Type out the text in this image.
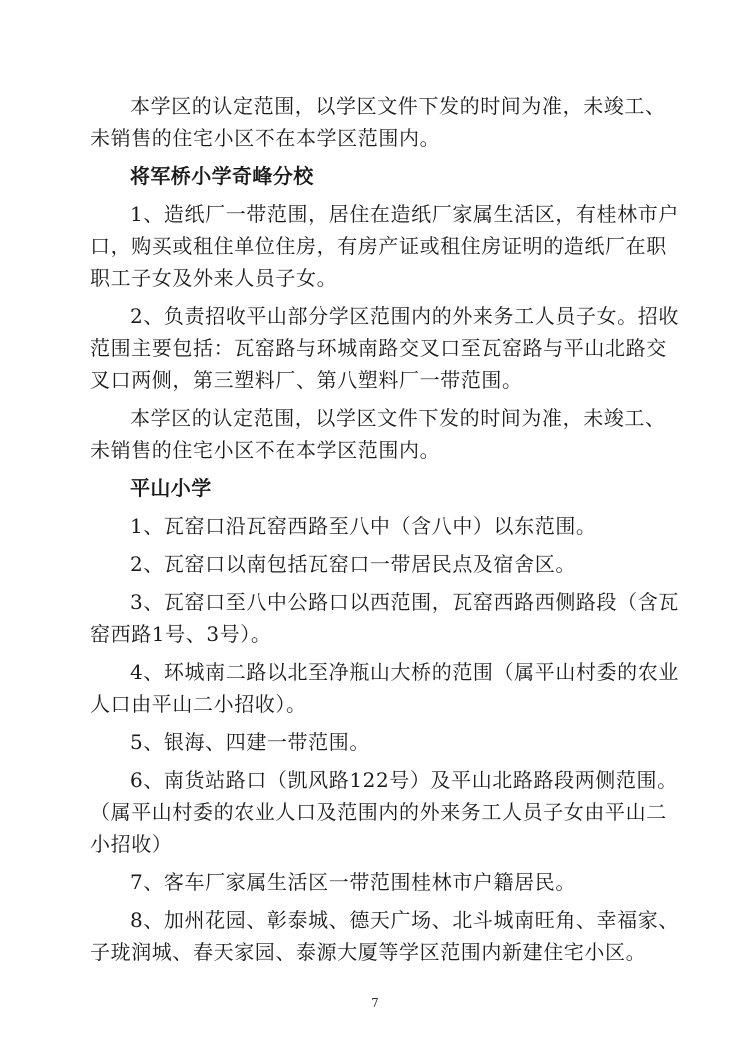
本学区的认定范围，以学区文件下发的时间为准，未竣工、
未销售的住宅小区不在本学区范围内。
将军桥小学奇峰分校
1、造纸厂一带范围，居住在造纸厂家属生活区，有桂林市户
口，购买或租住单位住房，有房产证或租住房证明的造纸厂在职
职工子女及外来人员子女。
2、负责招收平山部分学区范围内的外来务工人员子女。招收
范围主要包括：瓦窑路与环城南路交叉口至瓦窑路与平山北路交
叉口两侧，第三塑料厂、第八塑料厂一带范围。
本学区的认定范围，以学区文件下发的时间为准，未竣工、
未销售的住宅小区不在本学区范围内。
平山小学
1、瓦窑口沿瓦窑西路至八中（含八中）以东范围。
2、瓦窑口以南包括瓦窑口一带居民点及宿舍区。
3、瓦窑口至八中公路口以西范围，瓦窑西路西侧路段（含瓦
窑西路1号、3号）。
4、环城南二路以北至净瓶山大桥的范围（属平山村委的农业
人口由平山二小招收）。
5、银海、四建一带范围。
6、南货站路口（凯风路122号）及平山北路路段两侧范围。
（属平山村委的农业人口及范围内的外来务工人员子女由平山二
小招收）
7、客车厂家属生活区一带范围桂林市户籍居民。
8、加州花园、彰泰城、德天广场、北斗城南旺角、幸福家、
子珑润城、春天家园、泰源大厦等学区范围内新建住宅小区。
7
